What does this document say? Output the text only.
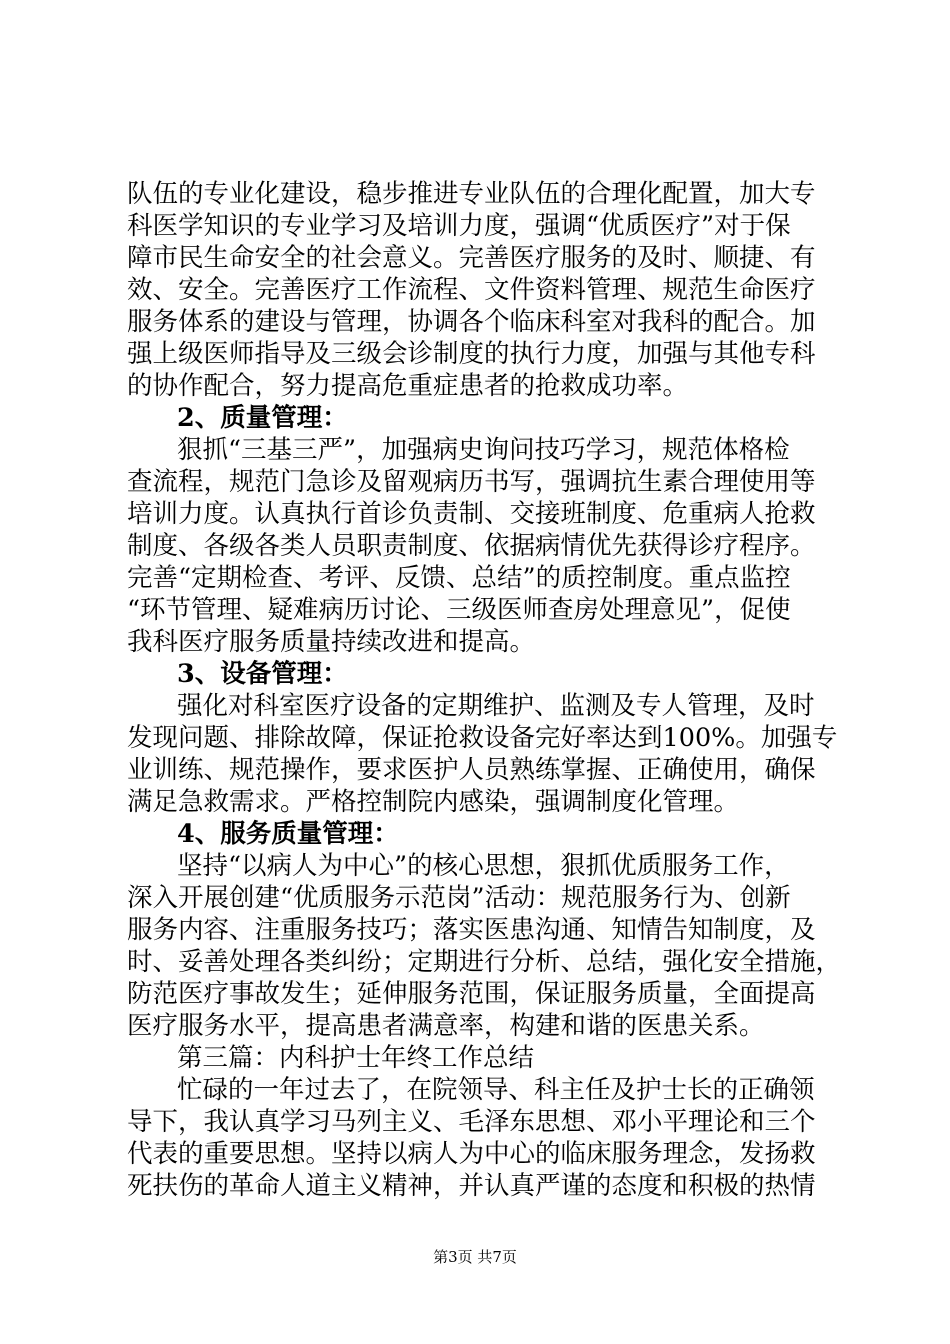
队伍的专业化建设，稳步推进专业队伍的合理化配置，加大专
科医学知识的专业学习及培训力度，强调“优质医疗”对于保
障市民生命安全的社会意义。完善医疗服务的及时、顺捷、有
效、安全。完善医疗工作流程、文件资料管理、规范生命医疗
服务体系的建设与管理，协调各个临床科室对我科的配合。加
强上级医师指导及三级会诊制度的执行力度，加强与其他专科
的协作配合，努力提高危重症患者的抢救成功率。
2、质量管理：
狠抓“三基三严”，加强病史询问技巧学习，规范体格检
查流程，规范门急诊及留观病历书写，强调抗生素合理使用等
培训力度。认真执行首诊负责制、交接班制度、危重病人抢救
制度、各级各类人员职责制度、依据病情优先获得诊疗程序。
完善“定期检查、考评、反馈、总结”的质控制度。重点监控
“环节管理、疑难病历讨论、三级医师查房处理意见”，促使
我科医疗服务质量持续改进和提高。
3、设备管理：
强化对科室医疗设备的定期维护、监测及专人管理，及时
发现问题、排除故障，保证抢救设备完好率达到100%。加强专
业训练、规范操作，要求医护人员熟练掌握、正确使用，确保
满足急救需求。严格控制院内感染，强调制度化管理。
4、服务质量管理：
坚持“以病人为中心”的核心思想，狠抓优质服务工作，
深入开展创建“优质服务示范岗”活动：规范服务行为、创新
服务内容、注重服务技巧；落实医患沟通、知情告知制度，及
时、妥善处理各类纠纷；定期进行分析、总结，强化安全措施，
防范医疗事故发生；延伸服务范围，保证服务质量，全面提高
医疗服务水平，提高患者满意率，构建和谐的医患关系。
第三篇：内科护士年终工作总结
忙碌的一年过去了，在院领导、科主任及护士长的正确领
导下，我认真学习马列主义、毛泽东思想、邓小平理论和三个
代表的重要思想。坚持以病人为中心的临床服务理念，发扬救
死扶伤的革命人道主义精神，并认真严谨的态度和积极的热情
第3页 共7页
